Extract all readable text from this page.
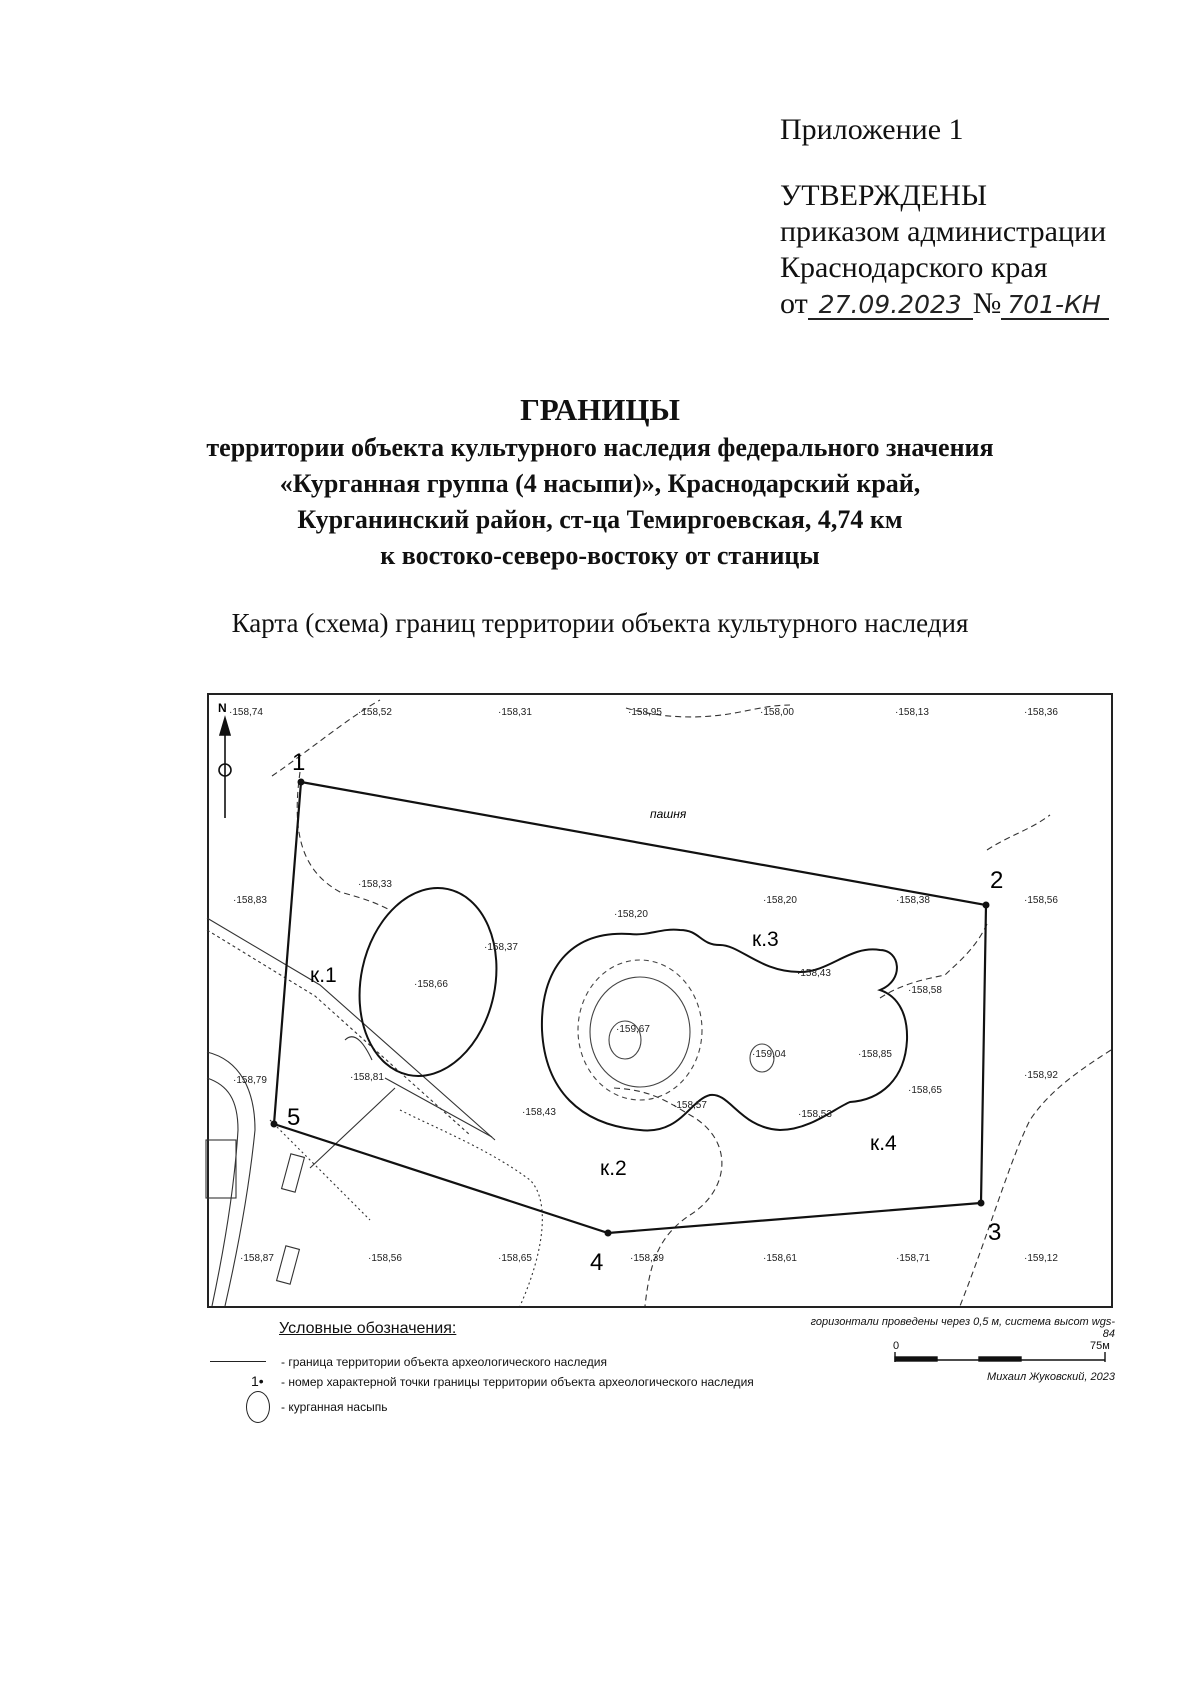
Приложение 1
УТВЕРЖДЕНЫ
приказом администрации
Краснодарского края
от 27.09.2023 № 701-КН
ГРАНИЦЫ
территории объекта культурного наследия федерального значения
«Курганная группа (4 насыпи)», Краснодарский край,
Курганинский район, ст-ца Темиргоевская, 4,74 км
к востоко-северо-востоку от станицы
Карта (схема) границ территории объекта культурного наследия
N
пашня
1
2
3
4
5
к.1
к.2
к.3
к.4
·158,74	·158,52	·158,31	·158,95	·158,00	·158,13	·158,36
·158,33
·158,83
·158,37
·158,66
·158,20
·158,20	·158,38	·158,56
·158,43
·158,58
·159,67
·159,04	·158,85
·158,79	·158,81
·158,43
·158,57
·158,53
·158,65
·158,92
·158,87	·158,56	·158,65	·158,39	·158,61	·158,71	·159,12
Условные обозначения:
- граница территории объекта археологического наследия
1• - номер характерной точки границы территории объекта археологического наследия
- курганная насыпь
горизонтали проведены через 0,5 м, система высот wgs-84
0	75м
Михаил Жуковский, 2023
